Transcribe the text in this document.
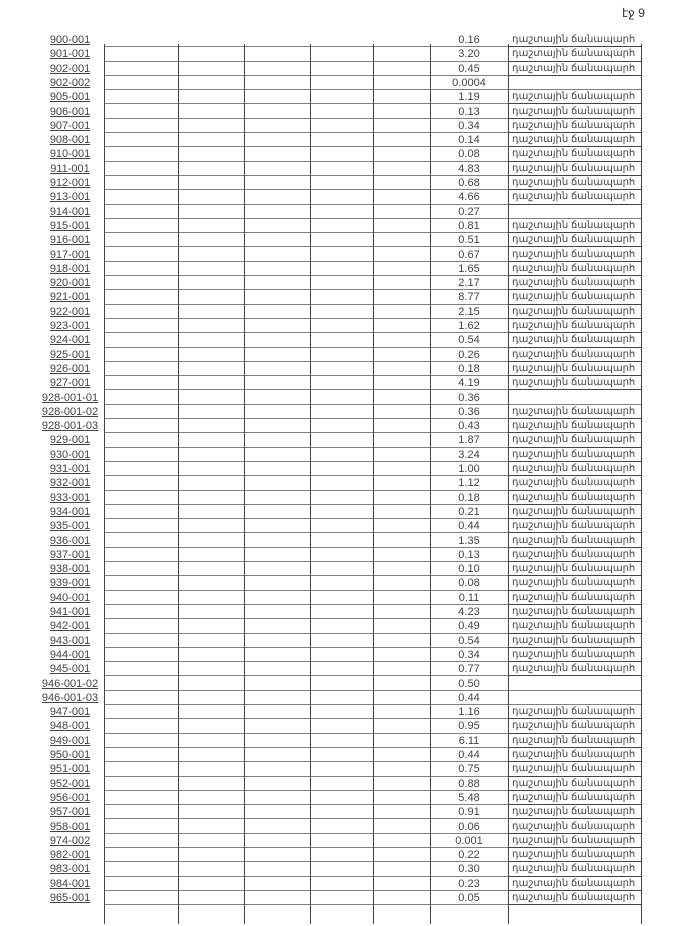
էջ 9
900-001	0.16	դաշտային ճանապարհ
901-001	3.20	դաշտային ճանապարհ
902-001	0.45	դաշտային ճանապարհ
902-002	0.0004
905-001	1.19	դաշտային ճանապարհ
906-001	0.13	դաշտային ճանապարհ
907-001	0.34	դաշտային ճանապարհ
908-001	0.14	դաշտային ճանապարհ
910-001	0.08	դաշտային ճանապարհ
911-001	4.83	դաշտային ճանապարհ
912-001	0.68	դաշտային ճանապարհ
913-001	4.66	դաշտային ճանապարհ
914-001	0.27
915-001	0.81	դաշտային ճանապարհ
916-001	0.51	դաշտային ճանապարհ
917-001	0.67	դաշտային ճանապարհ
918-001	1.65	դաշտային ճանապարհ
920-001	2.17	դաշտային ճանապարհ
921-001	8.77	դաշտային ճանապարհ
922-001	2.15	դաշտային ճանապարհ
923-001	1.62	դաշտային ճանապարհ
924-001	0.54	դաշտային ճանապարհ
925-001	0.26	դաշտային ճանապարհ
926-001	0.18	դաշտային ճանապարհ
927-001	4.19	դաշտային ճանապարհ
928-001-01	0.36
928-001-02	0.36	դաշտային ճանապարհ
928-001-03	0.43	դաշտային ճանապարհ
929-001	1.87	դաշտային ճանապարհ
930-001	3.24	դաշտային ճանապարհ
931-001	1.00	դաշտային ճանապարհ
932-001	1.12	դաշտային ճանապարհ
933-001	0.18	դաշտային ճանապարհ
934-001	0.21	դաշտային ճանապարհ
935-001	0.44	դաշտային ճանապարհ
936-001	1.35	դաշտային ճանապարհ
937-001	0.13	դաշտային ճանապարհ
938-001	0.10	դաշտային ճանապարհ
939-001	0.08	դաշտային ճանապարհ
940-001	0.11	դաշտային ճանապարհ
941-001	4.23	դաշտային ճանապարհ
942-001	0.49	դաշտային ճանապարհ
943-001	0.54	դաշտային ճանապարհ
944-001	0.34	դաշտային ճանապարհ
945-001	0.77	դաշտային ճանապարհ
946-001-02	0.50
946-001-03	0.44
947-001	1.16	դաշտային ճանապարհ
948-001	0.95	դաշտային ճանապարհ
949-001	6.11	դաշտային ճանապարհ
950-001	0.44	դաշտային ճանապարհ
951-001	0.75	դաշտային ճանապարհ
952-001	0.88	դաշտային ճանապարհ
956-001	5.48	դաշտային ճանապարհ
957-001	0.91	դաշտային ճանապարհ
958-001	0.06	դաշտային ճանապարհ
974-002	0.001	դաշտային ճանապարհ
982-001	0.22	դաշտային ճանապարհ
983-001	0.30	դաշտային ճանապարհ
984-001	0.23	դաշտային ճանապարհ
965-001	0.05	դաշտային ճանապարհ
